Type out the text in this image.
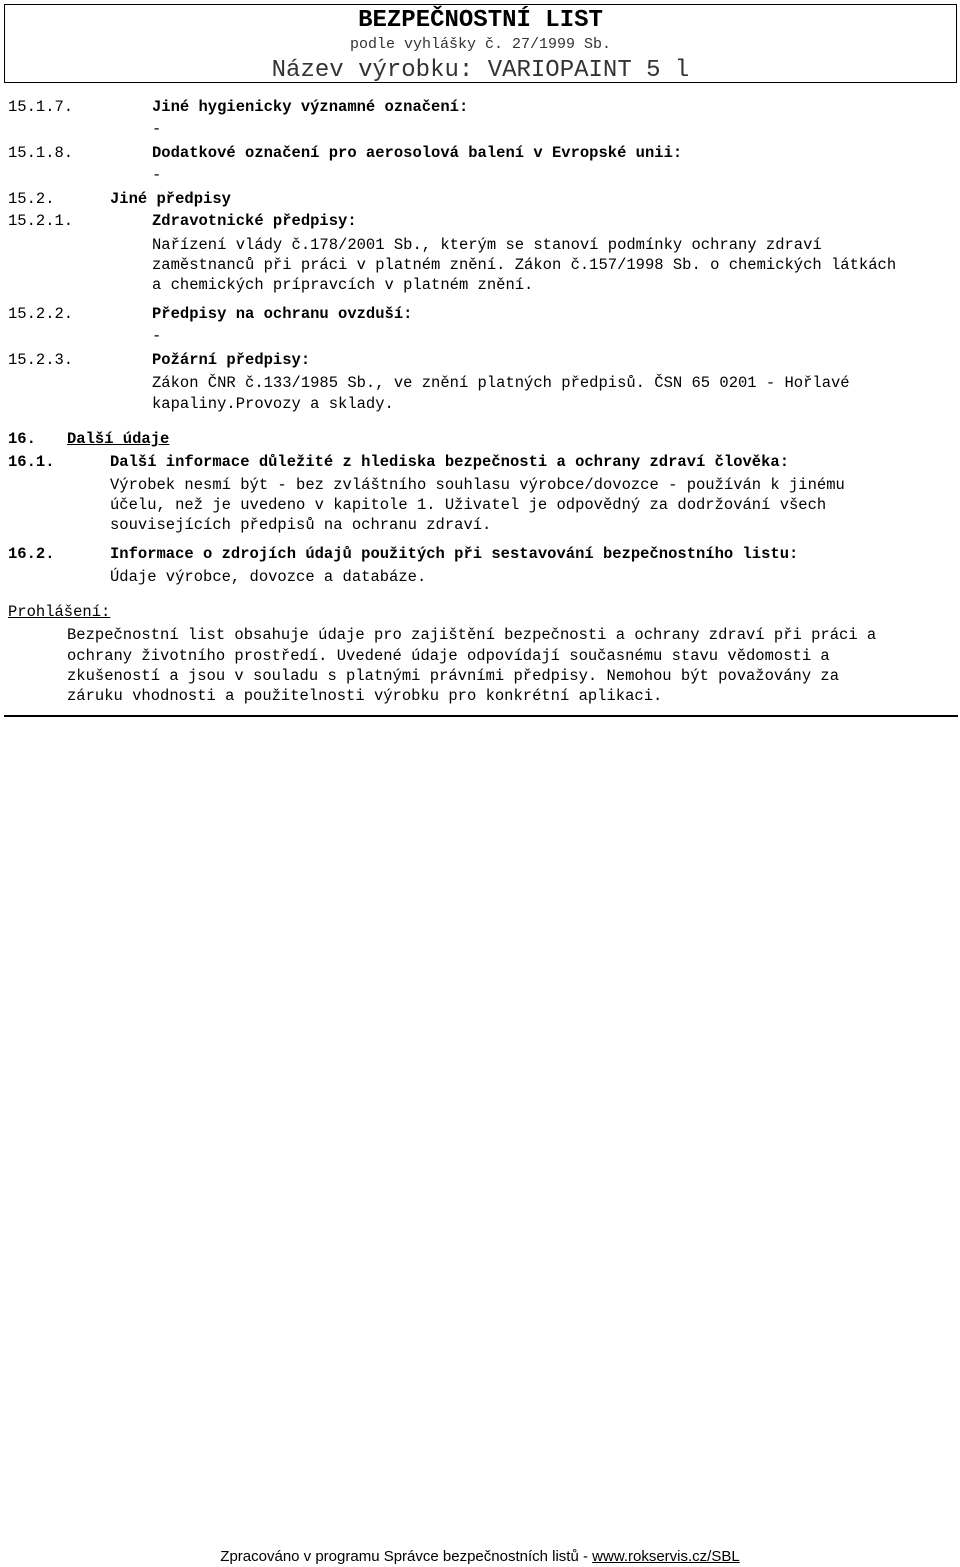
BEZPEČNOSTNÍ LIST
podle vyhlášky č. 27/1999 Sb.
Název výrobku: VARIOPAINT 5 l
15.1.7.	Jiné hygienicky významné označení:
-
15.1.8.	Dodatkové označení pro aerosolová balení v Evropské unii:
-
15.2.	Jiné předpisy
15.2.1.	Zdravotnické předpisy:
Nařízení vlády č.178/2001 Sb., kterým se stanoví podmínky ochrany zdraví
zaměstnanců při práci v platném znění. Zákon č.157/1998 Sb. o chemických látkách
a chemických prípravcích v platném znění.
15.2.2.	Předpisy na ochranu ovzduší:
-
15.2.3.	Požární předpisy:
Zákon ČNR č.133/1985 Sb., ve znění platných předpisů. ČSN 65 0201 - Hořlavé
kapaliny.Provozy a sklady.
16. Další údaje
16.1.	Další informace důležité z hlediska bezpečnosti a ochrany zdraví člověka:
Výrobek nesmí být - bez zvláštního souhlasu výrobce/dovozce - používán k jinému
účelu, než je uvedeno v kapitole 1. Uživatel je odpovědný za dodržování všech
souvisejících předpisů na ochranu zdraví.
16.2.	Informace o zdrojích údajů použitých při sestavování bezpečnostního listu:
Údaje výrobce, dovozce a databáze.
Prohlášení:
Bezpečnostní list obsahuje údaje pro zajištění bezpečnosti a ochrany zdraví při práci a
ochrany životního prostředí. Uvedené údaje odpovídají současnému stavu vědomosti a
zkušeností a jsou v souladu s platnými právními předpisy. Nemohou být považovány za
záruku vhodnosti a použitelnosti výrobku pro konkrétní aplikaci.
Zpracováno v programu Správce bezpečnostních listů - www.rokservis.cz/SBL
